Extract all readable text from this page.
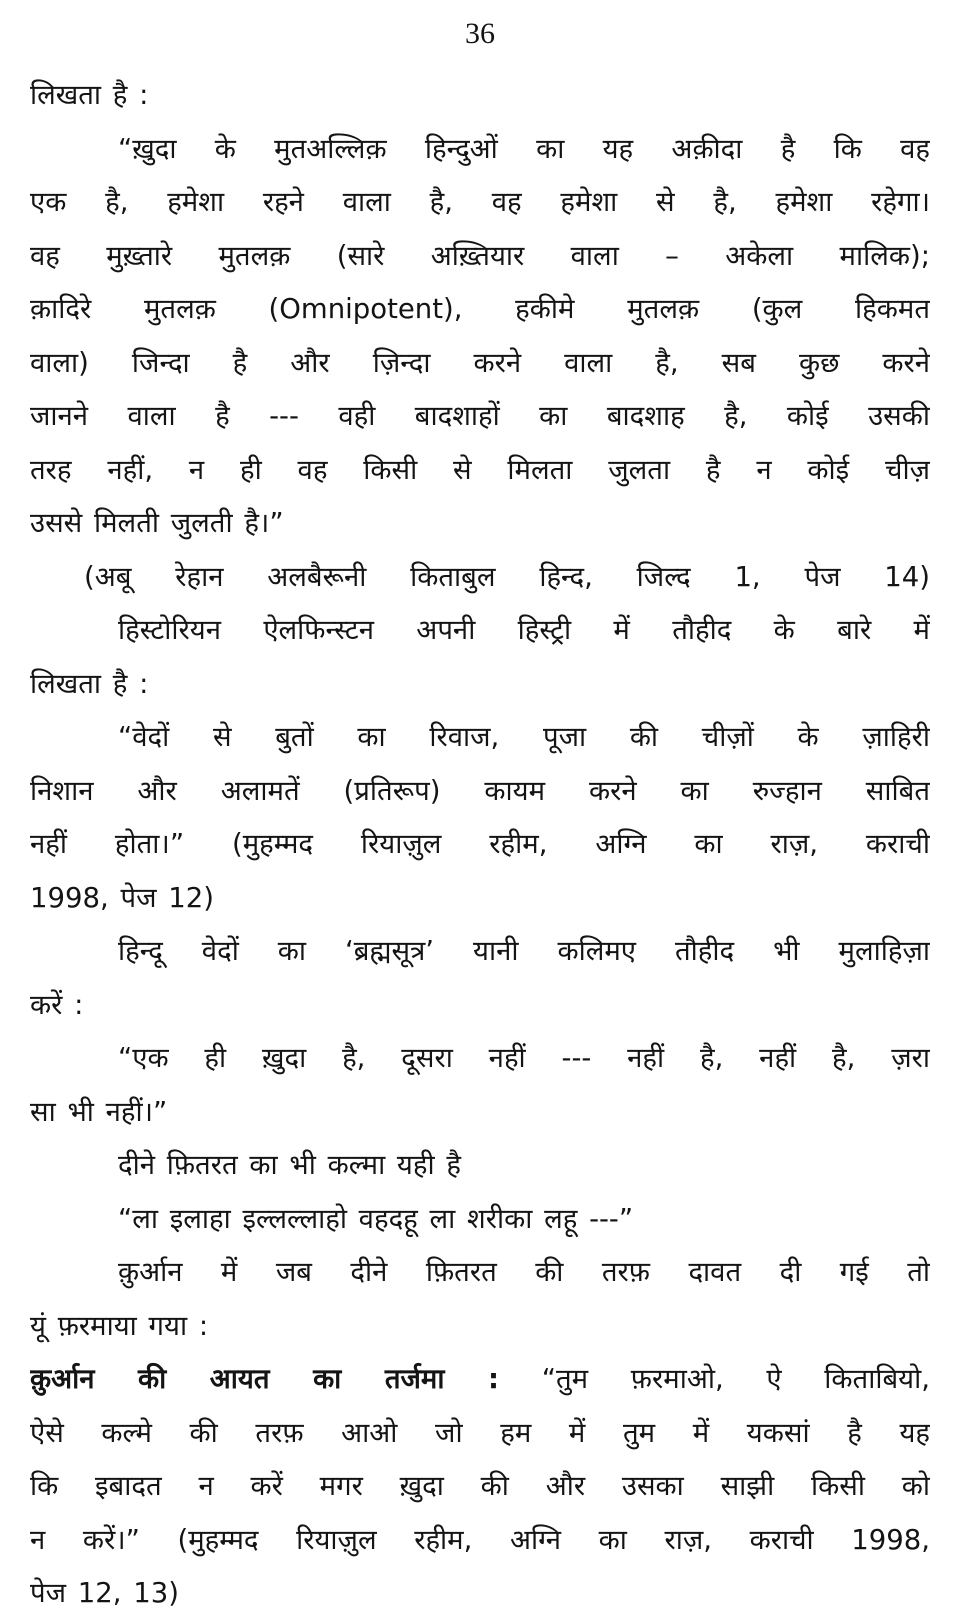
36
लिखता है :
“ख़ुदा के मुतअल्लिक़ हिन्दुओं का यह अक़ीदा है कि वह
एक है, हमेशा रहने वाला है, वह हमेशा से है, हमेशा रहेगा।
वह मुख़्तारे मुतलक़ (सारे अख़्तियार वाला – अकेला मालिक);
क़ादिरे मुतलक़ (Omnipotent), हकीमे मुतलक़ (कुल हिकमत
वाला) जिन्दा है और ज़िन्दा करने वाला है, सब कुछ करने
जानने वाला है --- वही बादशाहों का बादशाह है, कोई उसकी
तरह नहीं, न ही वह किसी से मिलता जुलता है न कोई चीज़
उससे मिलती जुलती है।”
(अबू रेहान अलबैरूनी किताबुल हिन्द, जिल्द 1, पेज 14)
हिस्टोरियन ऐलफिन्स्टन अपनी हिस्ट्री में तौहीद के बारे में
लिखता है :
“वेदों से बुतों का रिवाज, पूजा की चीज़ों के ज़ाहिरी
निशान और अलामतें (प्रतिरूप) कायम करने का रुज्हान साबित
नहीं होता।” (मुहम्मद रियाज़ुल रहीम, अग्नि का राज़, कराची
1998, पेज 12)
हिन्दू वेदों का ‘ब्रह्मसूत्र’ यानी कलिमए तौहीद भी मुलाहिज़ा
करें :
“एक ही ख़ुदा है, दूसरा नहीं --- नहीं है, नहीं है, ज़रा
सा भी नहीं।”
दीने फ़ितरत का भी कल्मा यही है
“ला इलाहा इल्लल्लाहो वहदहू ला शरीका लहू ---”
क़ुर्आन में जब दीने फ़ितरत की तरफ़ दावत दी गई तो
यूं फ़रमाया गया :
क़ुर्आन की आयत का तर्जमा : “तुम फ़रमाओ, ऐ किताबियो,
ऐसे कल्मे की तरफ़ आओ जो हम में तुम में यकसां है यह
कि इबादत न करें मगर ख़ुदा की और उसका साझी किसी को
न करें।” (मुहम्मद रियाज़ुल रहीम, अग्नि का राज़, कराची 1998,
पेज 12, 13)
